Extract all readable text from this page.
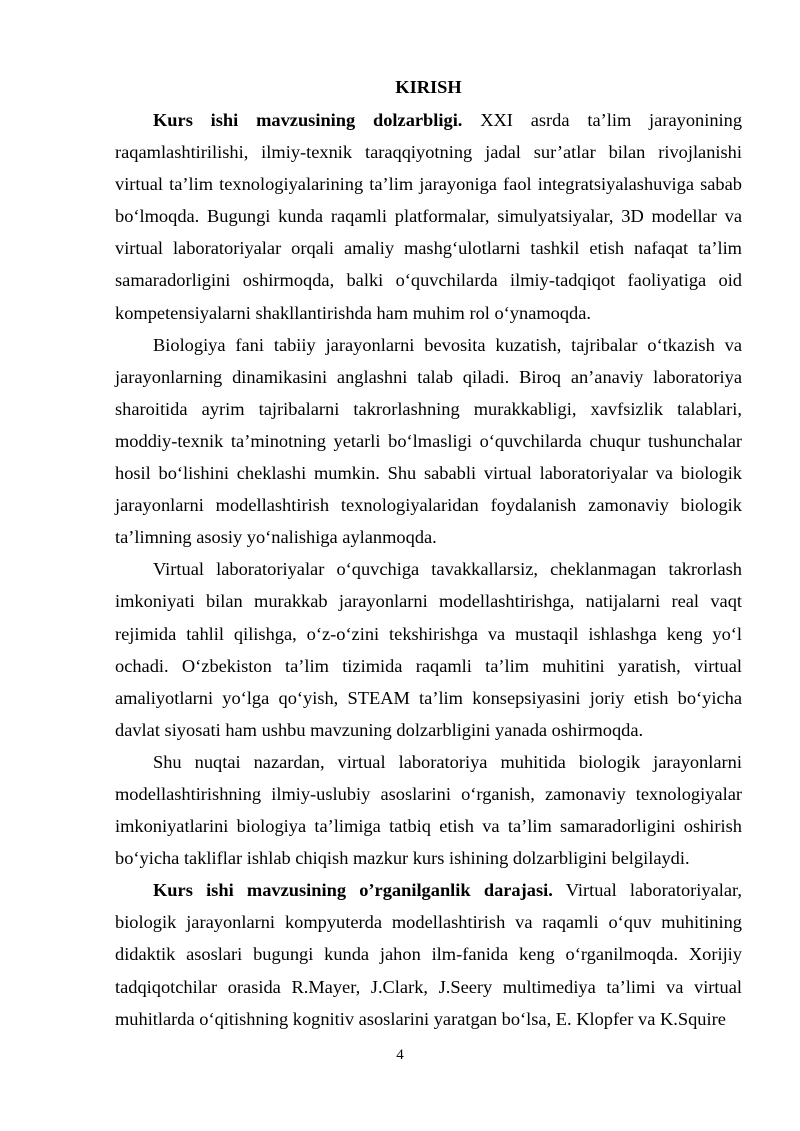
KIRISH

Kurs ishi mavzusining dolzarbligi. XXI asrda ta’lim jarayonining raqamlashtirilishi, ilmiy-texnik taraqqiyotning jadal sur’atlar bilan rivojlanishi virtual ta’lim texnologiyalarining ta’lim jarayoniga faol integratsiyalashuviga sabab bo‘lmoqda. Bugungi kunda raqamli platformalar, simulyatsiyalar, 3D modellar va virtual laboratoriyalar orqali amaliy mashg‘ulotlarni tashkil etish nafaqat ta’lim samaradorligini oshirmoqda, balki o‘quvchilarda ilmiy-tadqiqot faoliyatiga oid kompetensiyalarni shakllantirishda ham muhim rol o‘ynamoqda.

Biologiya fani tabiiy jarayonlarni bevosita kuzatish, tajribalar o‘tkazish va jarayonlarning dinamikasini anglashni talab qiladi. Biroq an’anaviy laboratoriya sharoitida ayrim tajribalarni takrorlashning murakkabligi, xavfsizlik talablari, moddiy-texnik ta’minotning yetarli bo‘lmasligi o‘quvchilarda chuqur tushunchalar hosil bo‘lishini cheklashi mumkin. Shu sababli virtual laboratoriyalar va biologik jarayonlarni modellashtirish texnologiyalaridan foydalanish zamonaviy biologik ta’limning asosiy yo‘nalishiga aylanmoqda.

Virtual laboratoriyalar o‘quvchiga tavakkallarsiz, cheklanmagan takrorlash imkoniyati bilan murakkab jarayonlarni modellashtirishga, natijalarni real vaqt rejimida tahlil qilishga, o‘z-o‘zini tekshirishga va mustaqil ishlashga keng yo‘l ochadi. O‘zbekiston ta’lim tizimida raqamli ta’lim muhitini yaratish, virtual amaliyotlarni yo‘lga qo‘yish, STEAM ta’lim konsepsiyasini joriy etish bo‘yicha davlat siyosati ham ushbu mavzuning dolzarbligini yanada oshirmoqda.

Shu nuqtai nazardan, virtual laboratoriya muhitida biologik jarayonlarni modellashtirishning ilmiy-uslubiy asoslarini o‘rganish, zamonaviy texnologiyalar imkoniyatlarini biologiya ta’limiga tatbiq etish va ta’lim samaradorligini oshirish bo‘yicha takliflar ishlab chiqish mazkur kurs ishining dolzarbligini belgilaydi.

Kurs ishi mavzusining o’rganilganlik darajasi. Virtual laboratoriyalar, biologik jarayonlarni kompyuterda modellashtirish va raqamli o‘quv muhitining didaktik asoslari bugungi kunda jahon ilm-fanida keng o‘rganilmoqda. Xorijiy tadqiqotchilar orasida R.Mayer, J.Clark, J.Seery multimediya ta’limi va virtual muhitlarda o‘qitishning kognitiv asoslarini yaratgan bo‘lsa, E. Klopfer va K.Squire

4
